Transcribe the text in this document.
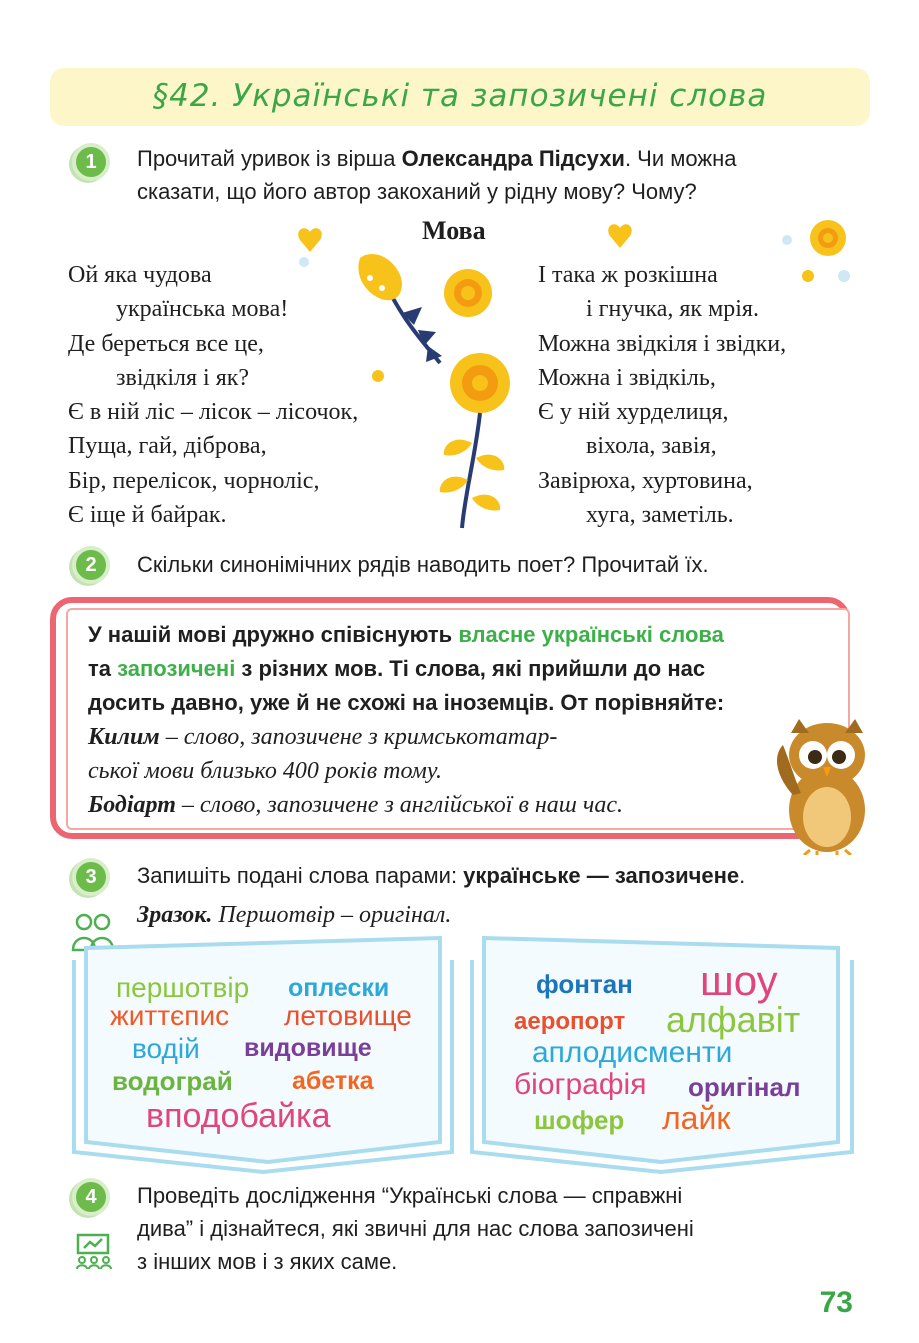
§42. Українські та запозичені слова
1	Прочитай уривок із вірша Олександра Підсухи. Чи можна
сказати, що його автор закоханий у рідну мову? Чому?
Мова
Ой яка чудова
українська мова!
Де береться все це,
звідкіля і як?
Є в ній ліс – лісок – лісочок,
Пуща, гай, діброва,
Бір, перелісок, чорноліс,
Є іще й байрак.
І така ж розкішна
і гнучка, як мрія.
Можна звідкіля і звідки,
Можна і звідкіль,
Є у ній хурделиця,
віхола, завія,
Завірюха, хуртовина,
хуга, заметіль.
2	Скільки синонімічних рядів наводить поет? Прочитай їх.
У нашій мові дружно співіснують власне українські слова
та запозичені з різних мов. Ті слова, які прийшли до нас
досить давно, уже й не схожі на іноземців. От порівняйте:
Килим – слово, запозичене з кримськотатар-
ської мови близько 400 років тому.
Бодіарт – слово, запозичене з англійської в наш час.
3	Запишіть подані слова парами: українське — запозичене.
Зразок. Першотвір – оригінал.
першотвір оплески
життєпис летовище
водій видовище
водограй абетка
вподобайка
фонтан шоу
аеропорт алфавіт
аплодисменти
біографія оригінал
шофер лайк
4	Проведіть дослідження “Українські слова — справжні
дива” і дізнайтеся, які звичні для нас слова запозичені
з інших мов і з яких саме.
73
